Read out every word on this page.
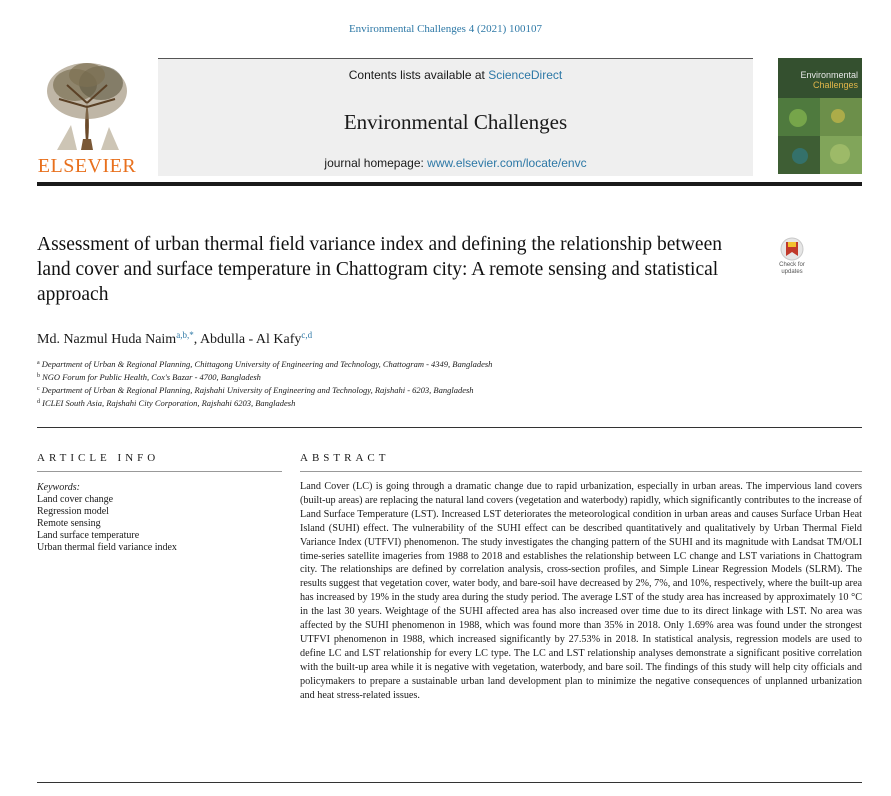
Environmental Challenges 4 (2021) 100107
ELSEVIER
Contents lists available at ScienceDirect
Environmental Challenges
journal homepage: www.elsevier.com/locate/envc
Environmental
Challenges
Assessment of urban thermal field variance index and defining the relationship between land cover and surface temperature in Chattogram city: A remote sensing and statistical approach
Check for
updates
Md. Nazmul Huda Naim$^{a,b,*}$, Abdulla - Al Kafy$^{c,d}$
$^a$ Department of Urban & Regional Planning, Chittagong University of Engineering and Technology, Chattogram - 4349, Bangladesh
$^b$ NGO Forum for Public Health, Cox's Bazar - 4700, Bangladesh
$^c$ Department of Urban & Regional Planning, Rajshahi University of Engineering and Technology, Rajshahi - 6203, Bangladesh
$^d$ ICLEI South Asia, Rajshahi City Corporation, Rajshahi 6203, Bangladesh
ARTICLE INFO	ABSTRACT
Keywords:
Land cover change
Regression model
Remote sensing
Land surface temperature
Urban thermal field variance index
Land Cover (LC) is going through a dramatic change due to rapid urbanization, especially in urban areas. The impervious land covers (built-up areas) are replacing the natural land covers (vegetation and waterbody) rapidly, which significantly contributes to the increase of Land Surface Temperature (LST). Increased LST deteriorates the meteorological condition in urban areas and causes Surface Urban Heat Island (SUHI) effect. The vulnerability of the SUHI effect can be described quantitatively and qualitatively by Urban Thermal Field Variance Index (UTFVI) phenomenon. The study investigates the changing pattern of the SUHI and its magnitude with Landsat TM/OLI time-series satellite imageries from 1988 to 2018 and establishes the relationship between LC change and LST variations in Chattogram city. The relationships are defined by correlation analysis, cross-section profiles, and Simple Linear Regression Models (SLRM). The results suggest that vegetation cover, water body, and bare-soil have decreased by 2%, 7%, and 10%, respectively, where the built-up area has increased by 19% in the study area during the study period. The average LST of the study area has increased by approximately 10 °C in the last 30 years. Weightage of the SUHI affected area has also increased over time due to its direct linkage with LST. No area was affected by the SUHI phenomenon in 1988, which was found more than 35% in 2018. Only 1.69% area was found under the strongest UTFVI phenomenon in 1988, which increased significantly by 27.53% in 2018. In statistical analysis, regression models are used to define LC and LST relationship for every LC type. The LC and LST relationship analyses demonstrate a significant positive correlation with the built-up area while it is negative with vegetation, waterbody, and bare soil. The findings of this study will help city officials and policymakers to prepare a sustainable urban land development plan to minimize the negative consequences of unplanned urbanization and heat stress-related issues.
